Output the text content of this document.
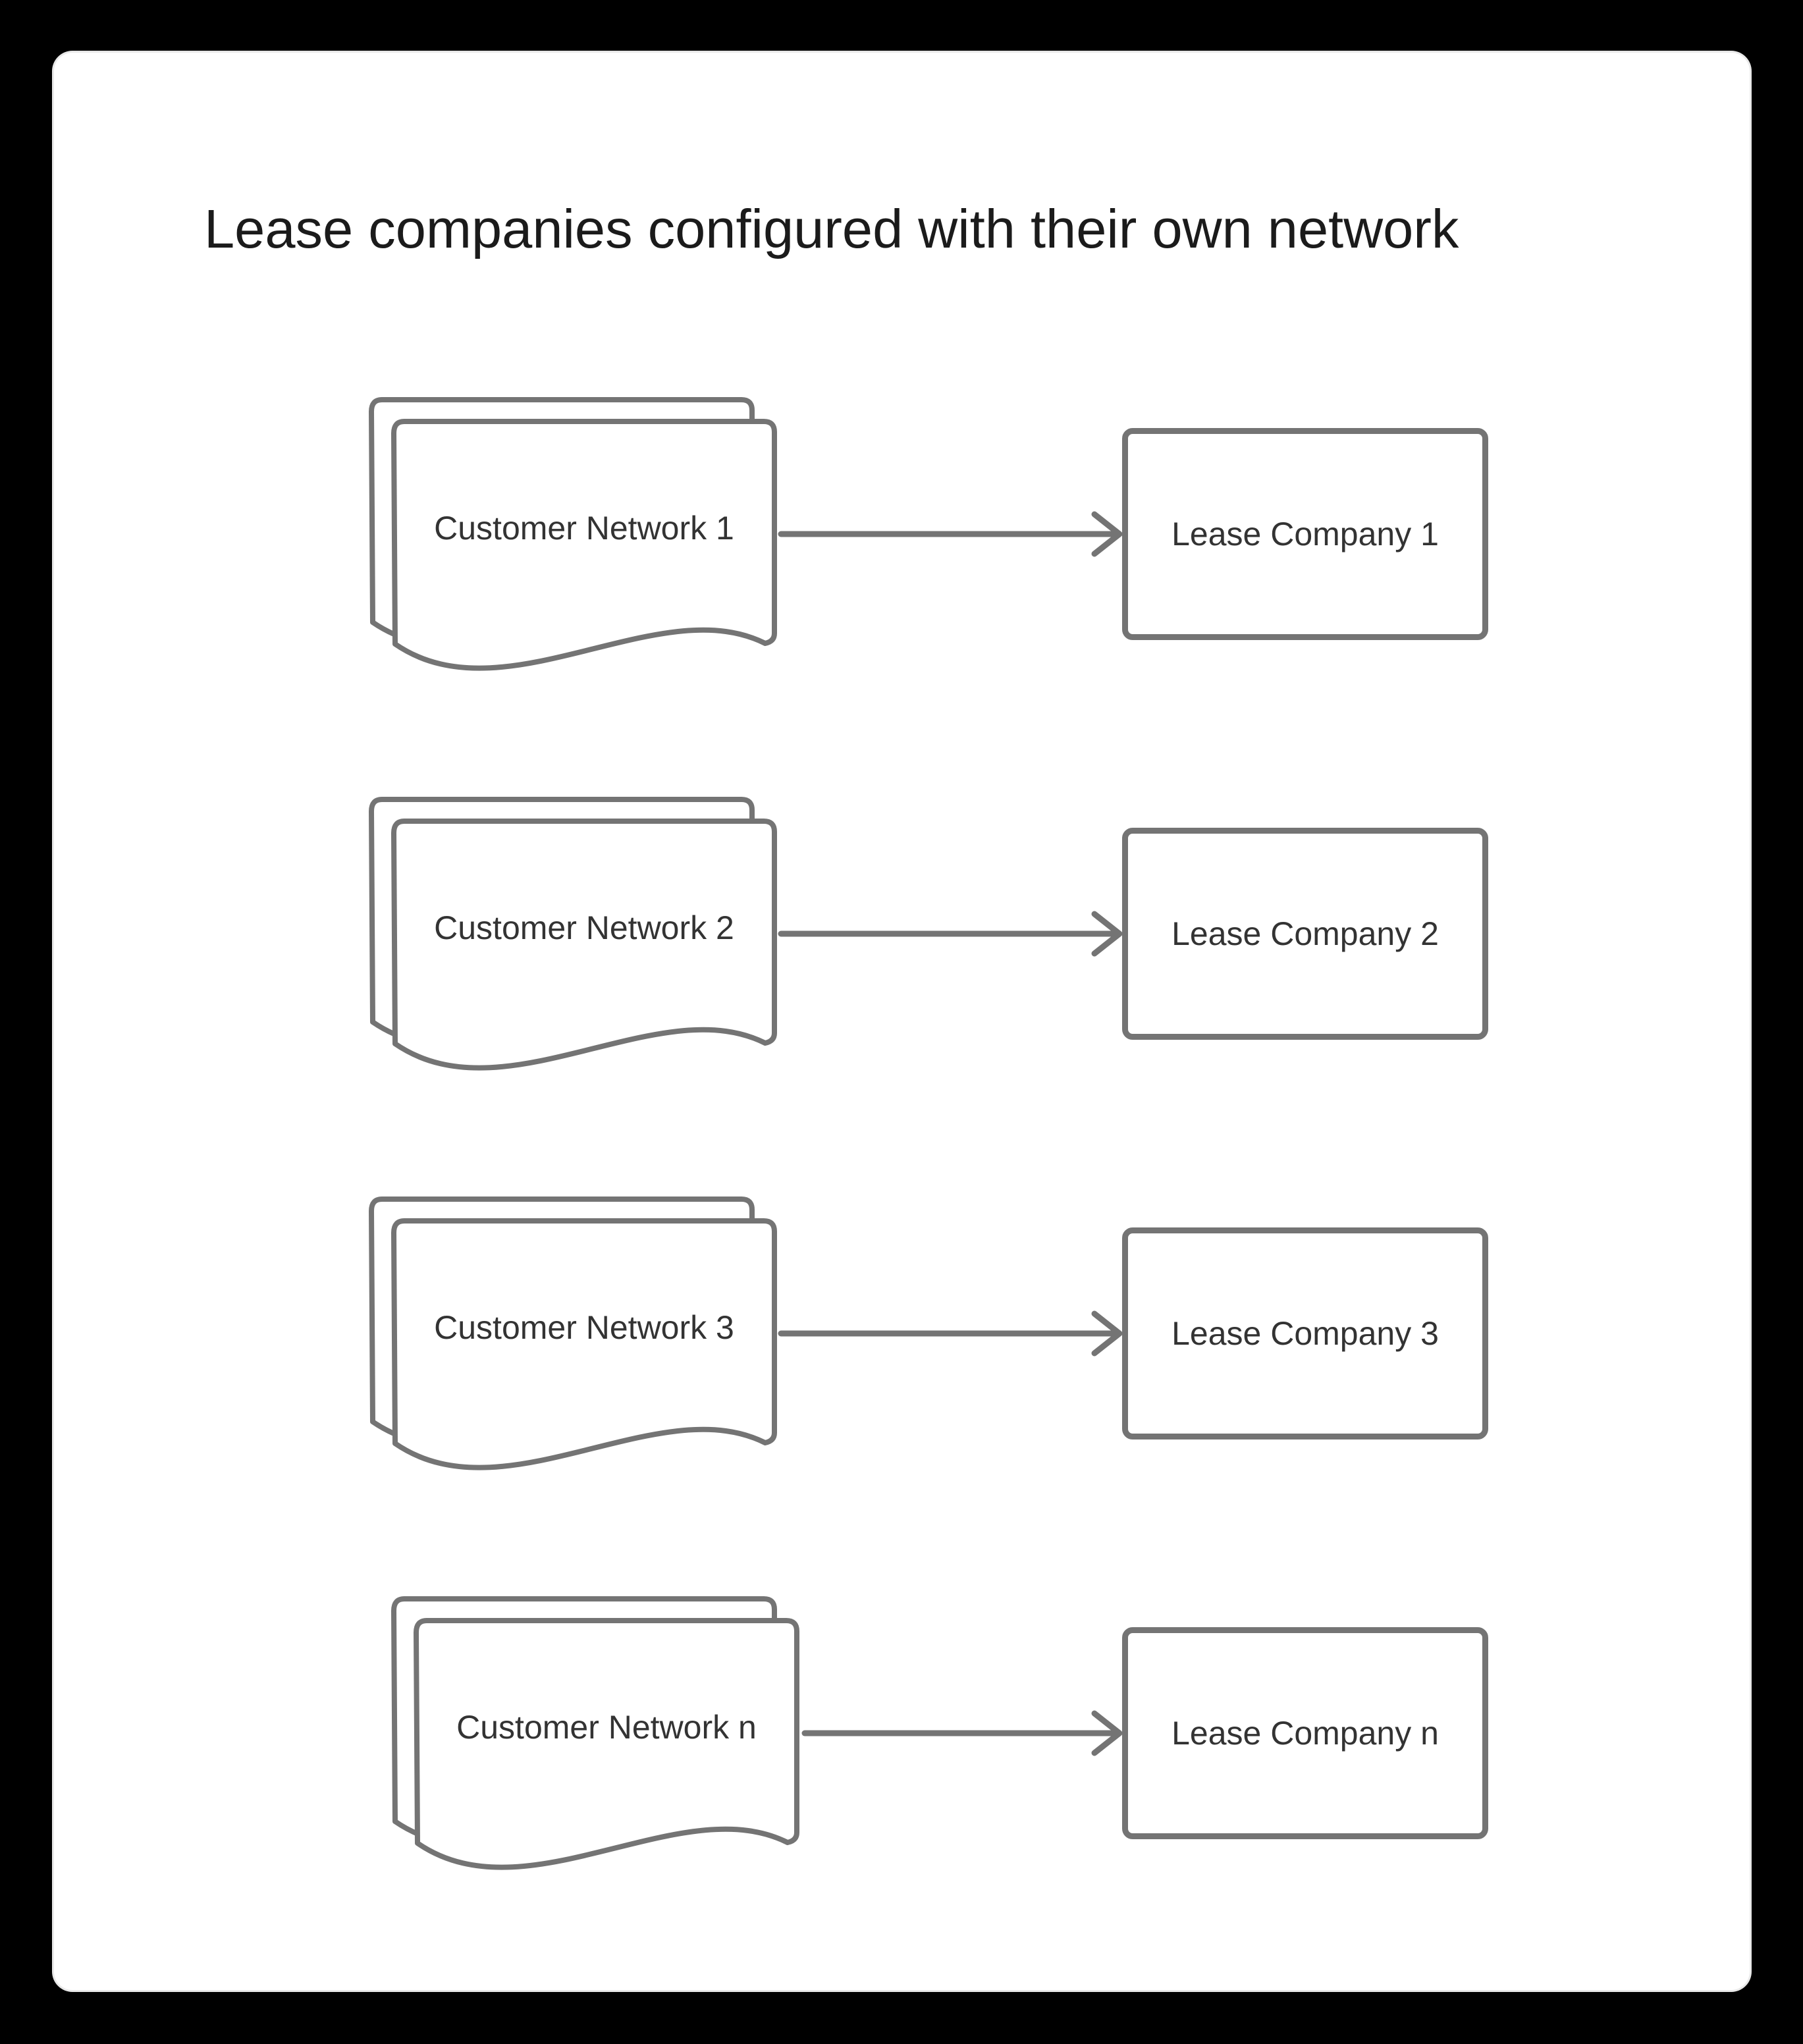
Lease companies configured with their own network
Customer Network 1	Lease Company 1
Customer Network 2	Lease Company 2
Customer Network 3	Lease Company 3
Customer Network n	Lease Company n
